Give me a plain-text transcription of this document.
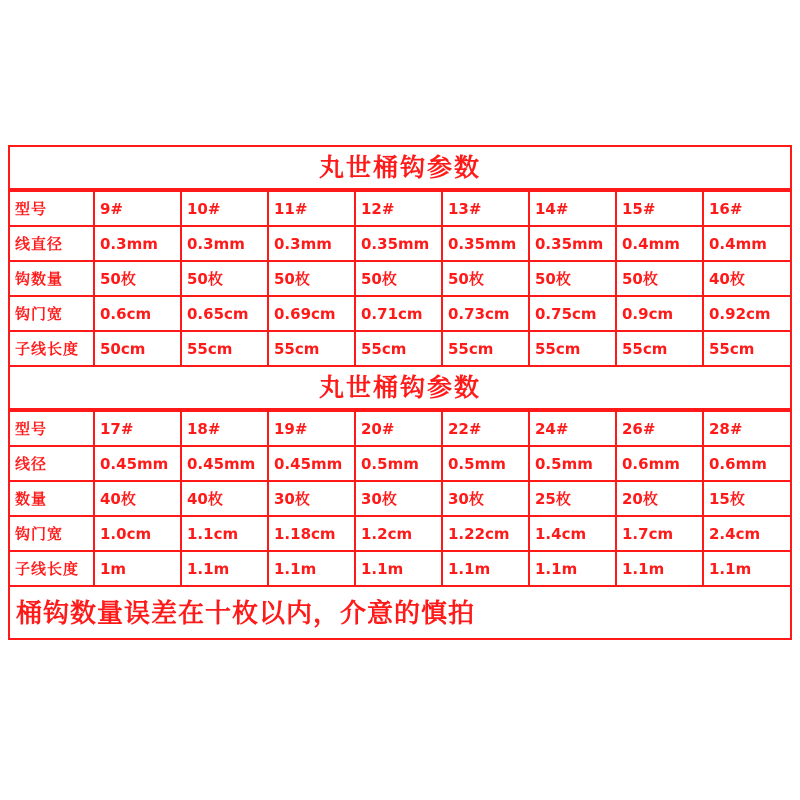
丸世桶钩参数
型号	9#	10#	11#	12#	13#	14#	15#	16#
线直径	0.3mm	0.3mm	0.3mm	0.35mm	0.35mm	0.35mm	0.4mm	0.4mm
钩数量	50枚	50枚	50枚	50枚	50枚	50枚	50枚	40枚
钩门宽	0.6cm	0.65cm	0.69cm	0.71cm	0.73cm	0.75cm	0.9cm	0.92cm
子线长度	50cm	55cm	55cm	55cm	55cm	55cm	55cm	55cm
丸世桶钩参数
型号	17#	18#	19#	20#	22#	24#	26#	28#
线径	0.45mm	0.45mm	0.45mm	0.5mm	0.5mm	0.5mm	0.6mm	0.6mm
数量	40枚	40枚	30枚	30枚	30枚	25枚	20枚	15枚
钩门宽	1.0cm	1.1cm	1.18cm	1.2cm	1.22cm	1.4cm	1.7cm	2.4cm
子线长度	1m	1.1m	1.1m	1.1m	1.1m	1.1m	1.1m	1.1m
桶钩数量误差在十枚以内，介意的慎拍
